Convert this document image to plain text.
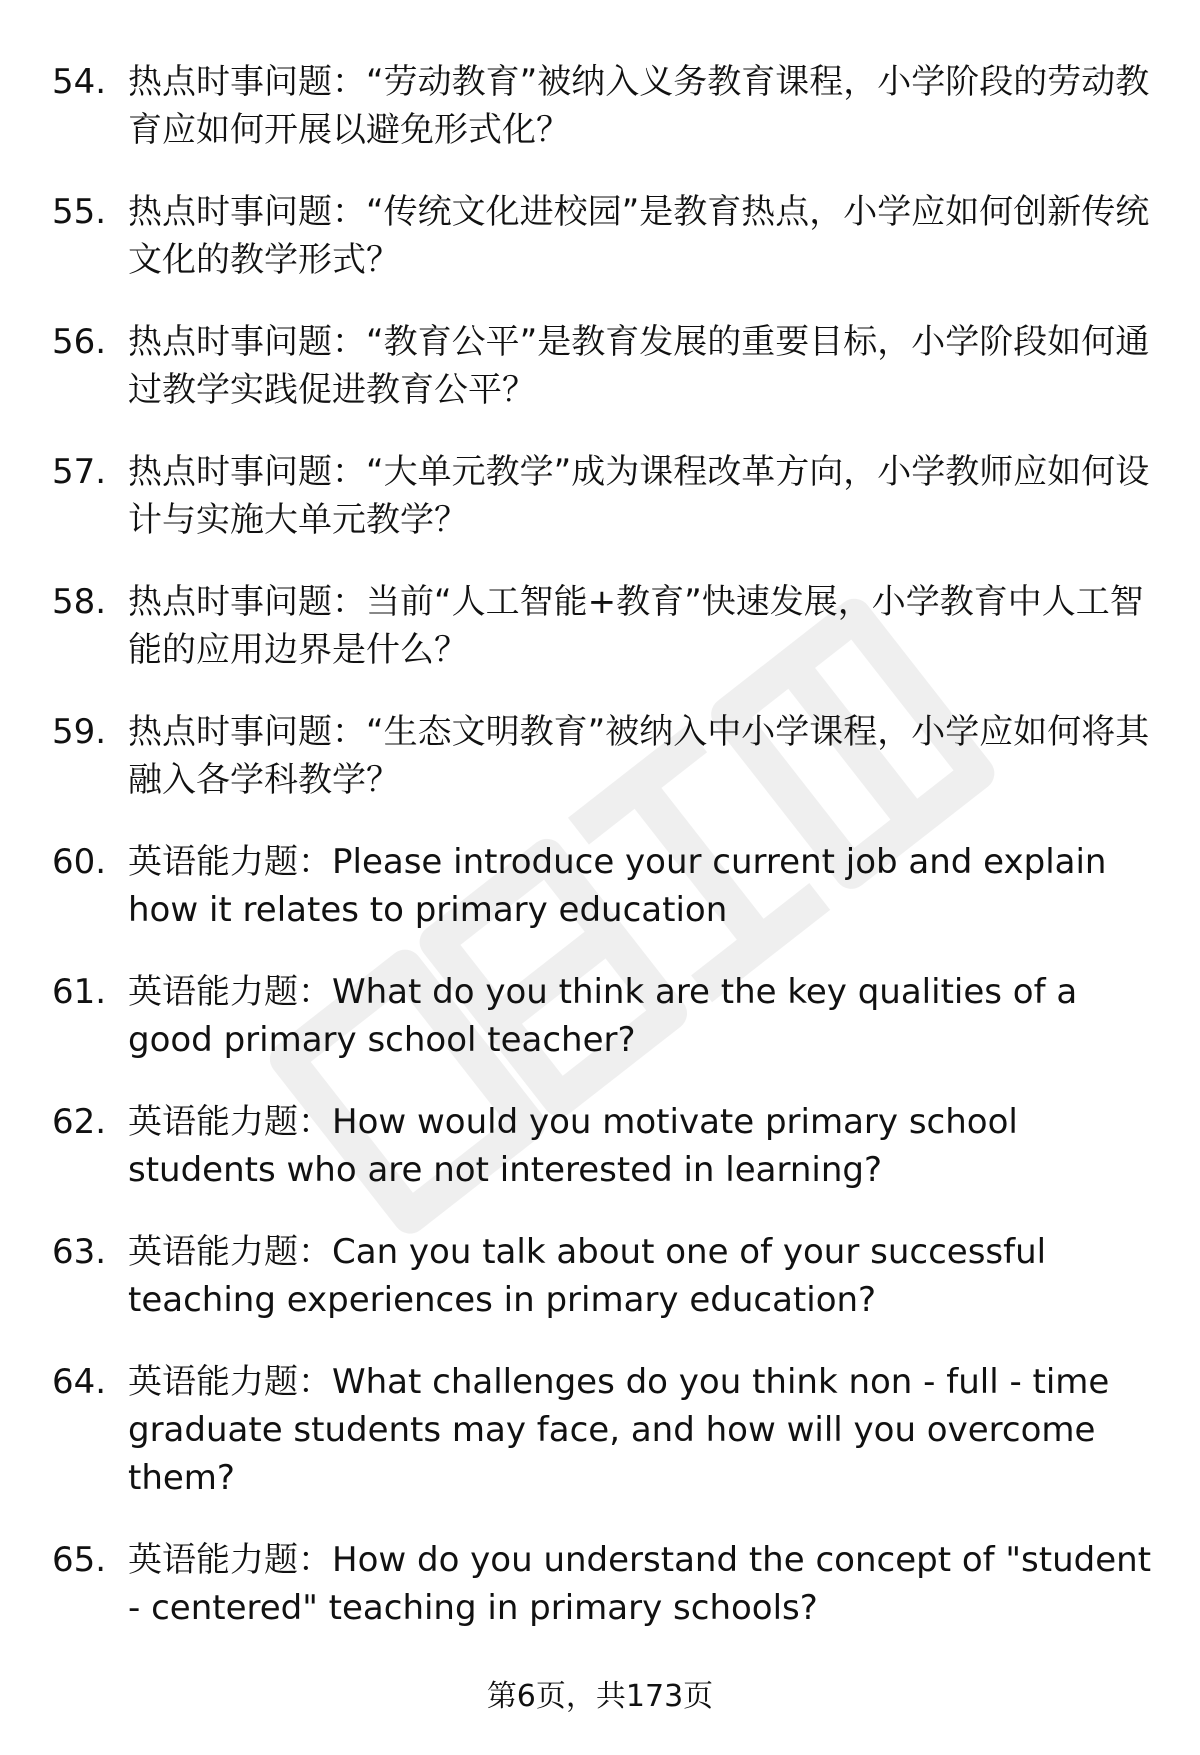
54. 热点时事问题：“劳动教育”被纳入义务教育课程，小学阶段的劳动教育应如何开展以避免形式化？
55. 热点时事问题：“传统文化进校园”是教育热点，小学应如何创新传统文化的教学形式？
56. 热点时事问题：“教育公平”是教育发展的重要目标，小学阶段如何通过教学实践促进教育公平？
57. 热点时事问题：“大单元教学”成为课程改革方向，小学教师应如何设计与实施大单元教学？
58. 热点时事问题：当前“人工智能+教育”快速发展，小学教育中人工智能的应用边界是什么？
59. 热点时事问题：“生态文明教育”被纳入中小学课程，小学应如何将其融入各学科教学？
60. 英语能力题：Please introduce your current job and explain how it relates to primary education
61. 英语能力题：What do you think are the key qualities of a good primary school teacher?
62. 英语能力题：How would you motivate primary school students who are not interested in learning?
63. 英语能力题：Can you talk about one of your successful teaching experiences in primary education?
64. 英语能力题：What challenges do you think non - full - time graduate students may face, and how will you overcome them?
65. 英语能力题：How do you understand the concept of "student - centered" teaching in primary schools?
第6页，共173页
